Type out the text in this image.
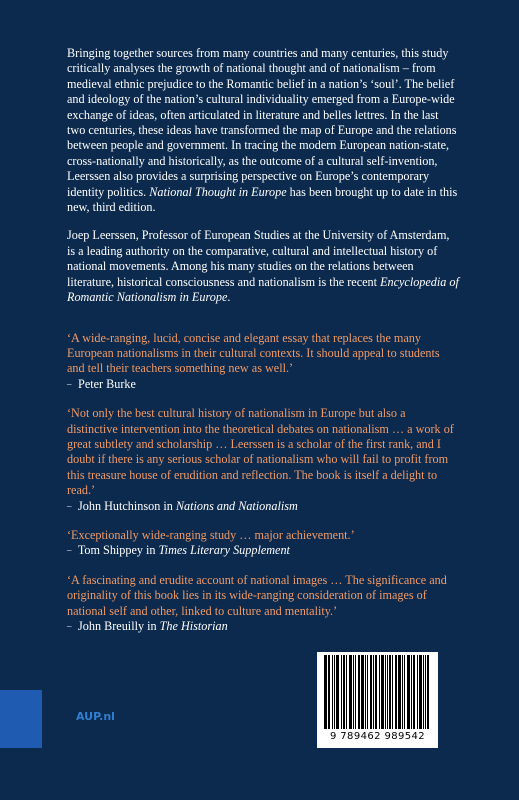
Bringing together sources from many countries and many centuries, this study critically analyses the growth of national thought and of nationalism – from medieval ethnic prejudice to the Romantic belief in a nation’s ‘soul’. The belief and ideology of the nation’s cultural individuality emerged from a Europe-wide exchange of ideas, often articulated in literature and belles lettres. In the last two centuries, these ideas have transformed the map of Europe and the relations between people and government. In tracing the modern European nation-state, cross-nationally and historically, as the outcome of a cultural self-invention, Leerssen also provides a surprising perspective on Europe’s contemporary identity politics. National Thought in Europe has been brought up to date in this new, third edition.

Joep Leerssen, Professor of European Studies at the University of Amsterdam, is a leading authority on the comparative, cultural and intellectual history of national movements. Among his many studies on the relations between literature, historical consciousness and nationalism is the recent Encyclopedia of Romantic Nationalism in Europe.

‘A wide-ranging, lucid, concise and elegant essay that replaces the many European nationalisms in their cultural contexts. It should appeal to students and tell their teachers something new as well.’
– Peter Burke

‘Not only the best cultural history of nationalism in Europe but also a distinctive intervention into the theoretical debates on nationalism … a work of great subtlety and scholarship … Leerssen is a scholar of the first rank, and I doubt if there is any serious scholar of nationalism who will fail to profit from this treasure house of erudition and reflection. The book is itself a delight to read.’
– John Hutchinson in Nations and Nationalism

‘Exceptionally wide-ranging study … major achievement.’
– Tom Shippey in Times Literary Supplement

‘A fascinating and erudite account of national images … The significance and originality of this book lies in its wide-ranging consideration of images of national self and other, linked to culture and mentality.’
– John Breuilly in The Historian

AUP.nl
9 789462 989542
